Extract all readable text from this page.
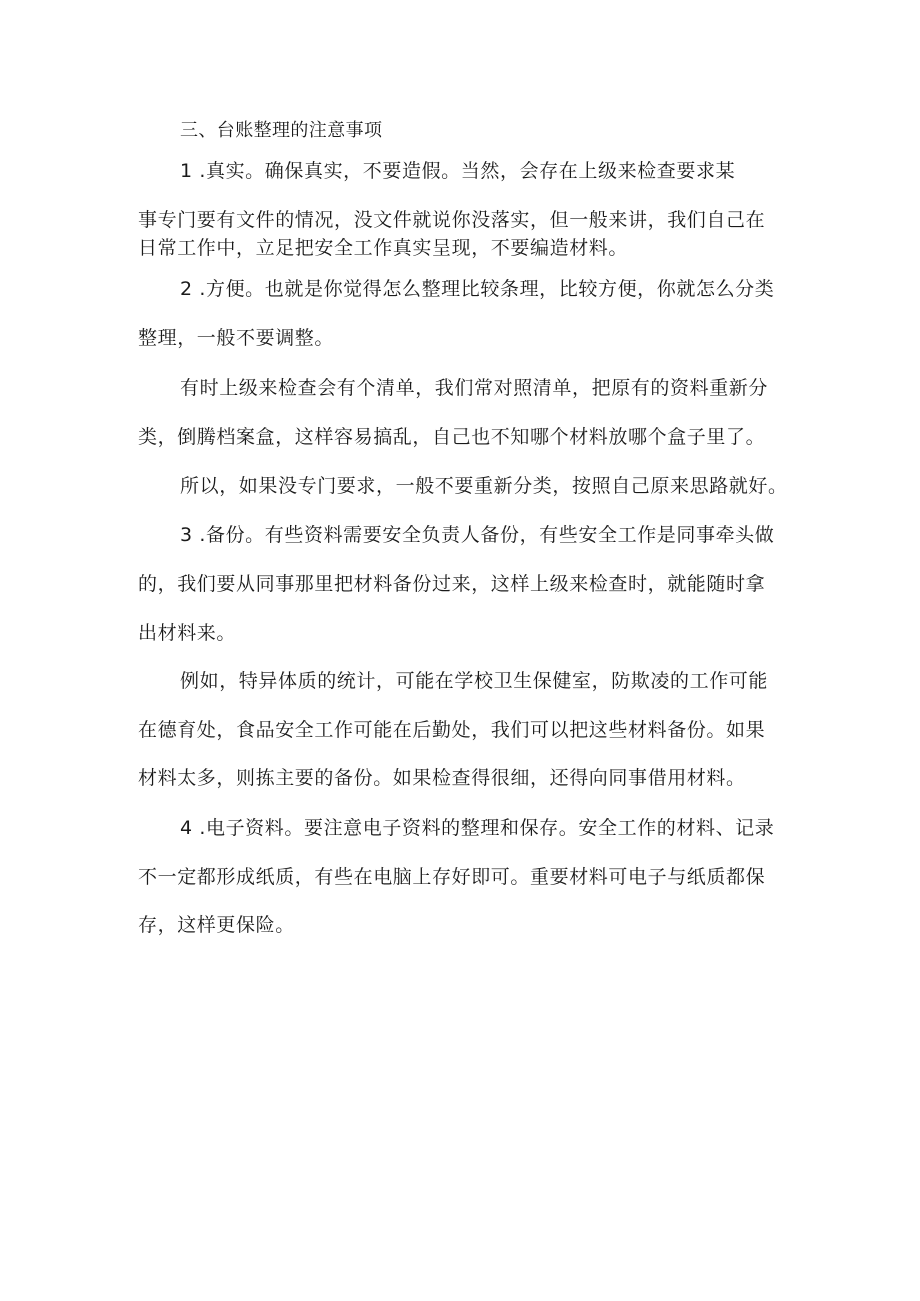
三、台账整理的注意事项

1 .真实。确保真实，不要造假。当然，会存在上级来检查要求某

事专门要有文件的情况，没文件就说你没落实，但一般来讲，我们自己在

日常工作中，立足把安全工作真实呈现，不要编造材料。

2 .方便。也就是你觉得怎么整理比较条理，比较方便，你就怎么分类

整理，一般不要调整。

有时上级来检查会有个清单，我们常对照清单，把原有的资料重新分

类，倒腾档案盒，这样容易搞乱，自己也不知哪个材料放哪个盒子里了。

所以，如果没专门要求，一般不要重新分类，按照自己原来思路就好。

3 .备份。有些资料需要安全负责人备份，有些安全工作是同事牵头做

的，我们要从同事那里把材料备份过来，这样上级来检查时，就能随时拿

出材料来。

例如，特异体质的统计，可能在学校卫生保健室，防欺凌的工作可能

在德育处，食品安全工作可能在后勤处，我们可以把这些材料备份。如果

材料太多，则拣主要的备份。如果检查得很细，还得向同事借用材料。

4 .电子资料。要注意电子资料的整理和保存。安全工作的材料、记录

不一定都形成纸质，有些在电脑上存好即可。重要材料可电子与纸质都保

存，这样更保险。
